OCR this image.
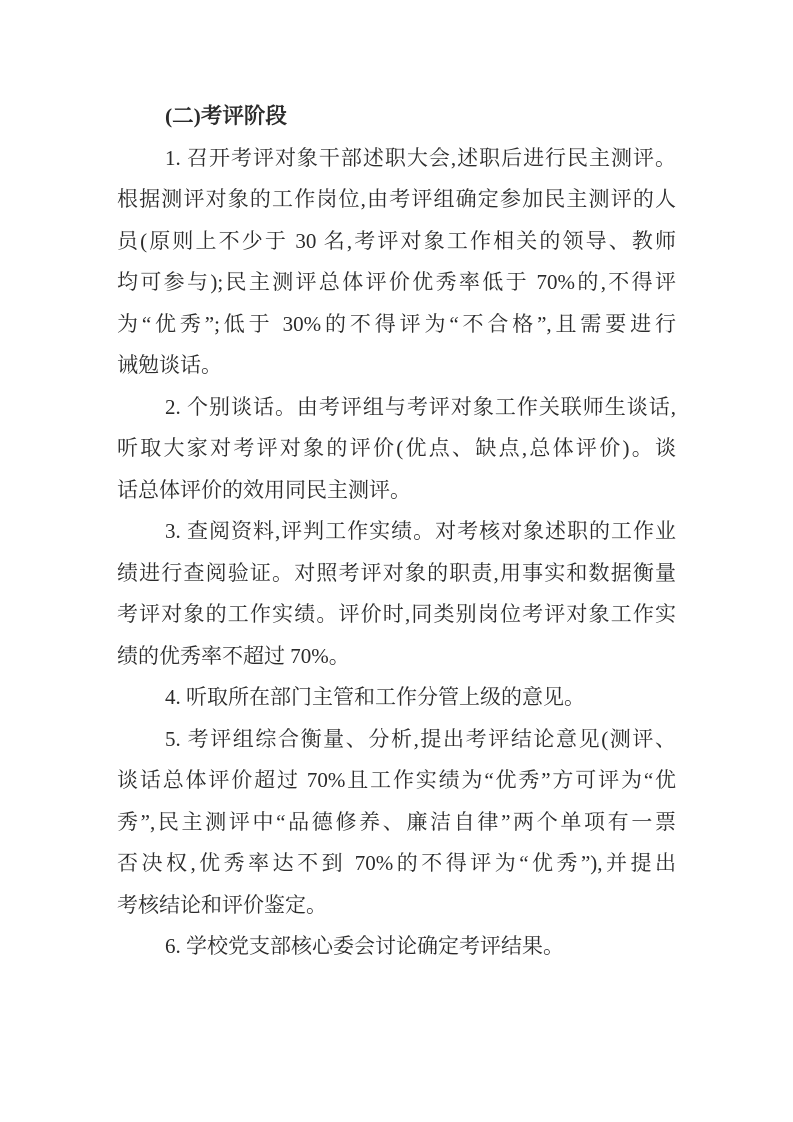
(二)考评阶段
1. 召开考评对象干部述职大会,述职后进行民主测评。
根据测评对象的工作岗位,由考评组确定参加民主测评的人
员(原则上不少于 30 名,考评对象工作相关的领导、教师
均可参与);民主测评总体评价优秀率低于 70%的,不得评
为“优秀”;低于 30%的不得评为“不合格”,且需要进行
诫勉谈话。
2. 个别谈话。由考评组与考评对象工作关联师生谈话,
听取大家对考评对象的评价(优点、缺点,总体评价)。谈
话总体评价的效用同民主测评。
3. 查阅资料,评判工作实绩。对考核对象述职的工作业
绩进行查阅验证。对照考评对象的职责,用事实和数据衡量
考评对象的工作实绩。评价时,同类别岗位考评对象工作实
绩的优秀率不超过 70%。
4. 听取所在部门主管和工作分管上级的意见。
5. 考评组综合衡量、分析,提出考评结论意见(测评、
谈话总体评价超过 70%且工作实绩为“优秀”方可评为“优
秀”,民主测评中“品德修养、廉洁自律”两个单项有一票
否决权,优秀率达不到 70%的不得评为“优秀”),并提出
考核结论和评价鉴定。
6. 学校党支部核心委会讨论确定考评结果。
